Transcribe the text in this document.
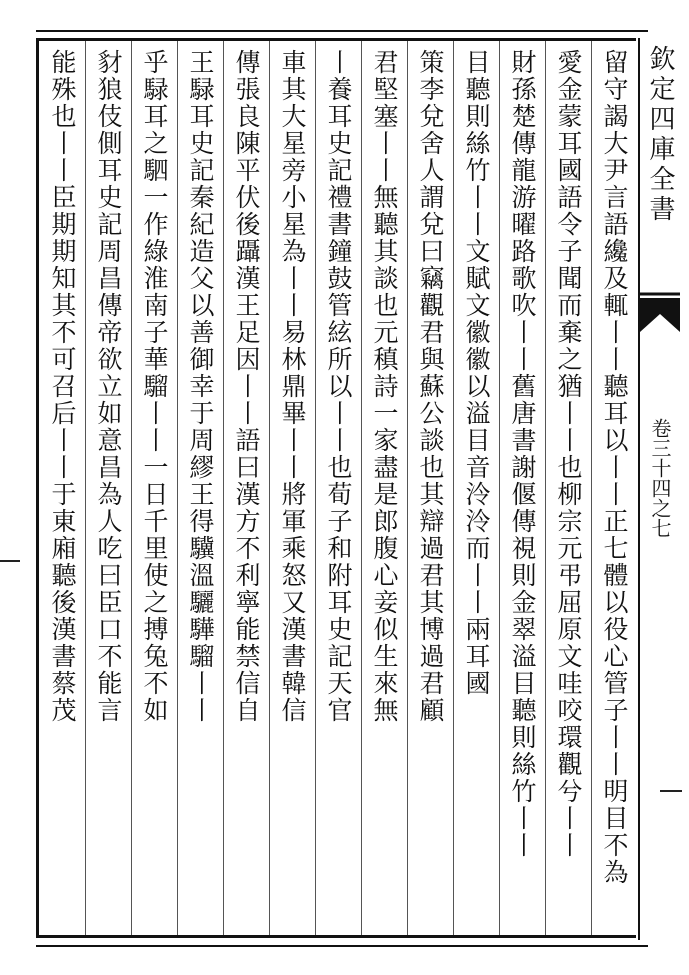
留守謁大尹言語纔及輒丨丨聽耳以丨丨正七體以役心管子丨丨明目不為
愛金蒙耳國語令子聞而棄之猶丨丨也柳宗元弔屈原文哇咬環觀兮丨丨
財孫楚傳龍游曜路歌吹丨丨舊唐書謝偃傳視則金翠溢目聽則絲竹丨丨
目聽則絲竹丨丨文賦文徽徽以溢目音泠泠而丨丨兩耳國
策李兌舍人謂兌曰竊觀君與蘇公談也其辯過君其博過君顧
君堅塞丨丨無聽其談也元稹詩一家盡是郎腹心妾似生來無
丨養耳史記禮書鐘鼓管絃所以丨丨也荀子和附耳史記天官
車其大星旁小星為丨丨易林鼎畢丨丨將軍乘怒又漢書韓信
傳張良陳平伏後躡漢王足因丨丨語曰漢方不利寧能禁信自
王騄耳史記秦紀造父以善御幸于周繆王得驥溫驪驊騮丨丨
乎騄耳之駟一作綠淮南子華騮丨丨一日千里使之搏兔不如
豺狼伎側耳史記周昌傳帝欲立如意昌為人吃曰臣口不能言
能殊也丨丨臣期期知其不可召后丨丨于東廂聽後漢書蔡茂	欽定四庫全書
卷三十四之七
